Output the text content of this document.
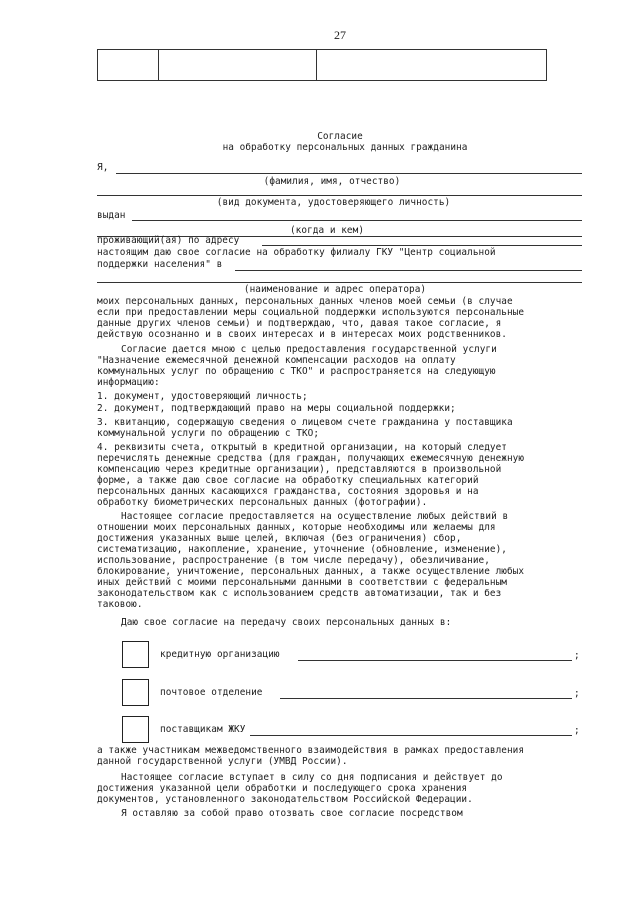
27
Согласие
на обработку персональных данных гражданина
Я,
(фамилия, имя, отчество)
(вид документа, удостоверяющего личность)
выдан
(когда и кем)
проживающий(ая) по адресу
настоящим даю свое согласие на обработку филиалу ГКУ "Центр социальной
поддержки населения" в
(наименование и адрес оператора)
моих персональных данных, персональных данных членов моей семьи (в случае
если при предоставлении меры социальной поддержки используются персональные
данные других членов семьи) и подтверждаю, что, давая такое согласие, я
действую осознанно и в своих интересах и в интересах моих родственников.
Согласие дается мною с целью предоставления государственной услуги
"Назначение ежемесячной денежной компенсации расходов на оплату
коммунальных услуг по обращению с ТКО" и распространяется на следующую
информацию:
1. документ, удостоверяющий личность;
2. документ, подтверждающий право на меры социальной поддержки;
3. квитанцию, содержащую сведения о лицевом счете гражданина у поставщика
коммунальной услуги по обращению с ТКО;
4. реквизиты счета, открытый в кредитной организации, на который следует
перечислять денежные средства (для граждан, получающих ежемесячную денежную
компенсацию через кредитные организации), представляются в произвольной
форме, а также даю свое согласие на обработку специальных категорий
персональных данных касающихся гражданства, состояния здоровья и на
обработку биометрических персональных данных (фотографии).
Настоящее согласие предоставляется на осуществление любых действий в
отношении моих персональных данных, которые необходимы или желаемы для
достижения указанных выше целей, включая (без ограничения) сбор,
систематизацию, накопление, хранение, уточнение (обновление, изменение),
использование, распространение (в том числе передачу), обезличивание,
блокирование, уничтожение, персональных данных, а также осуществление любых
иных действий с моими персональными данными в соответствии с федеральным
законодательством как с использованием средств автоматизации, так и без
таковою.
Даю свое согласие на передачу своих персональных данных в:
кредитную организацию	;
почтовое отделение	;
поставщикам ЖКУ	;
а также участникам межведомственного взаимодействия в рамках предоставления
данной государственной услуги (УМВД России).
Настоящее согласие вступает в силу со дня подписания и действует до
достижения указанной цели обработки и последующего срока хранения
документов, установленного законодательством Российской Федерации.
Я оставляю за собой право отозвать свое согласие посредством
